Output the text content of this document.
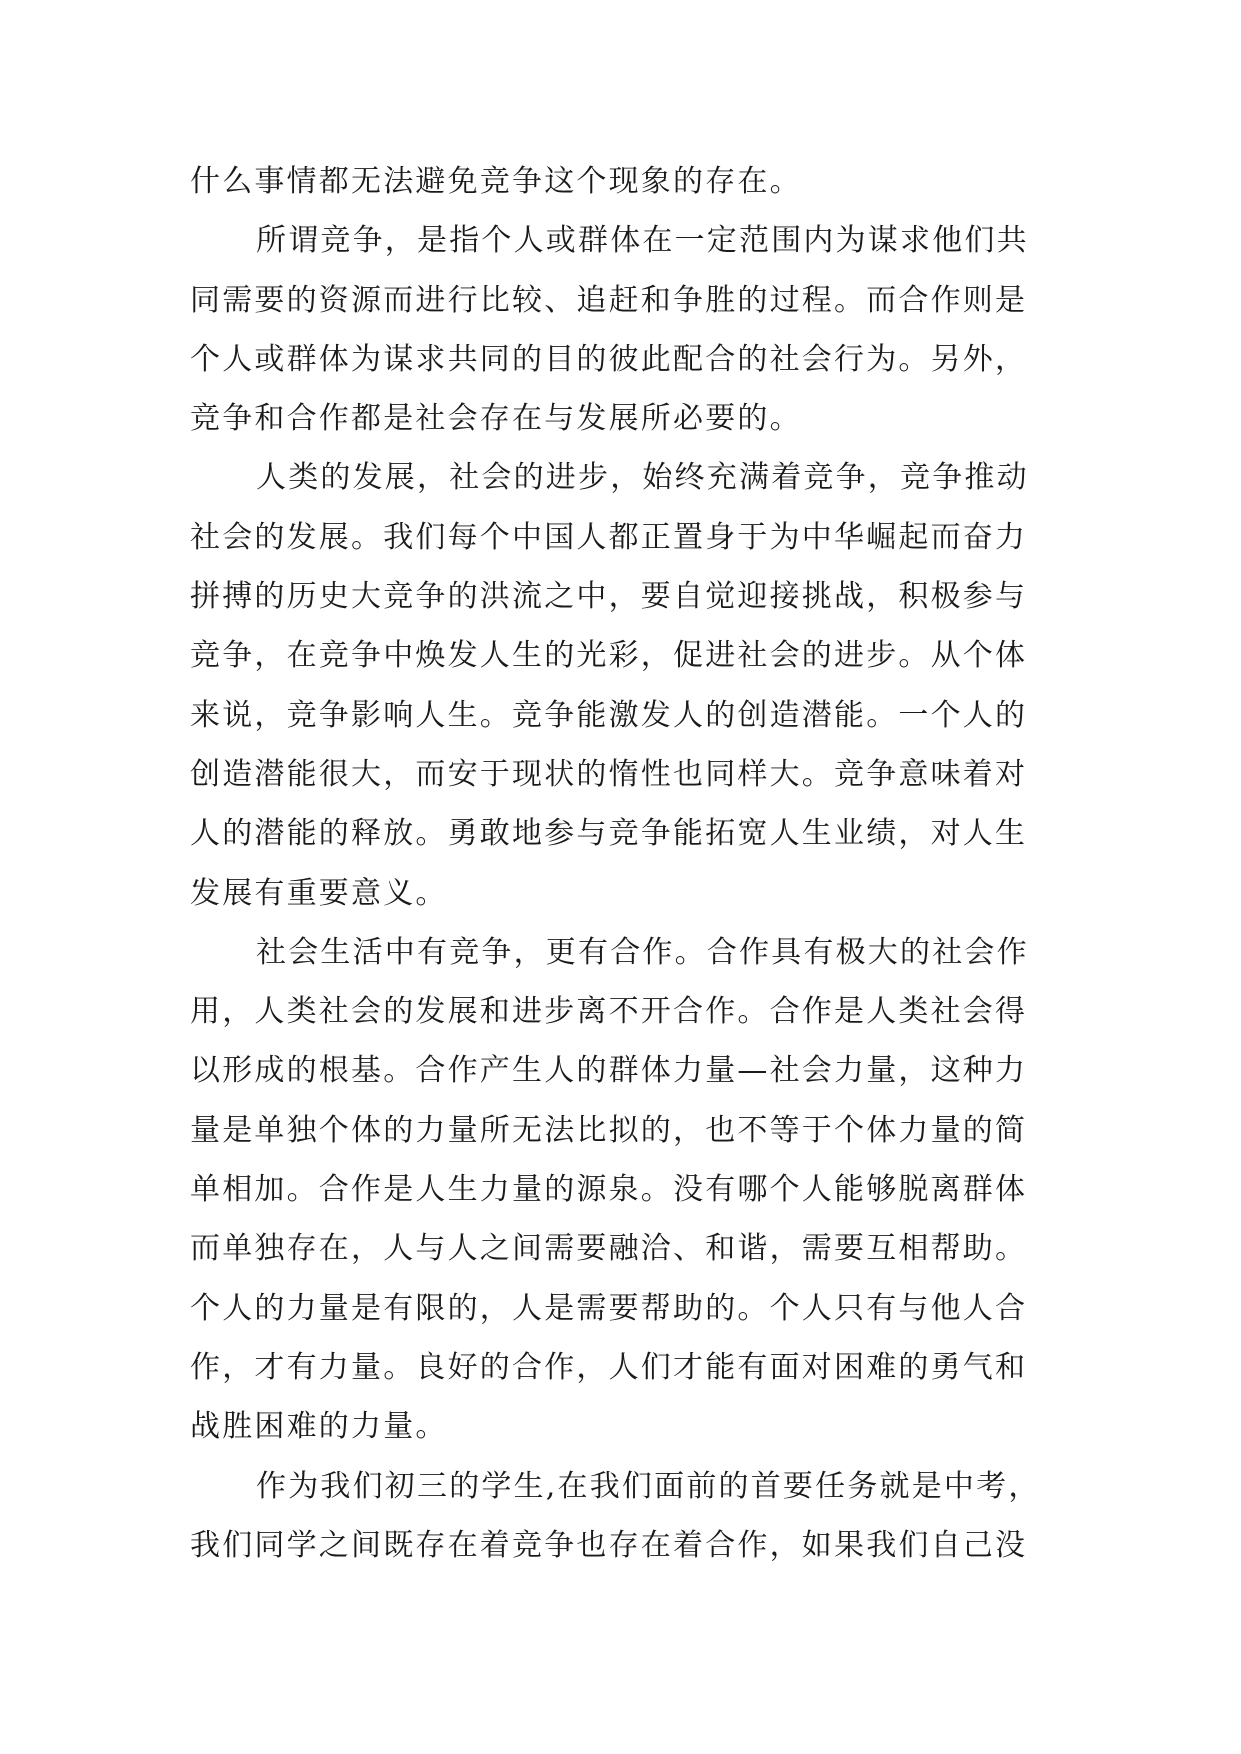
什么事情都无法避免竞争这个现象的存在。
所谓竞争，是指个人或群体在一定范围内为谋求他们共
同需要的资源而进行比较、追赶和争胜的过程。而合作则是
个人或群体为谋求共同的目的彼此配合的社会行为。另外，
竞争和合作都是社会存在与发展所必要的。
人类的发展，社会的进步，始终充满着竞争，竞争推动
社会的发展。我们每个中国人都正置身于为中华崛起而奋力
拼搏的历史大竞争的洪流之中，要自觉迎接挑战，积极参与
竞争，在竞争中焕发人生的光彩，促进社会的进步。从个体
来说，竞争影响人生。竞争能激发人的创造潜能。一个人的
创造潜能很大，而安于现状的惰性也同样大。竞争意味着对
人的潜能的释放。勇敢地参与竞争能拓宽人生业绩，对人生
发展有重要意义。
社会生活中有竞争，更有合作。合作具有极大的社会作
用，人类社会的发展和进步离不开合作。合作是人类社会得
以形成的根基。合作产生人的群体力量—社会力量，这种力
量是单独个体的力量所无法比拟的，也不等于个体力量的简
单相加。合作是人生力量的源泉。没有哪个人能够脱离群体
而单独存在，人与人之间需要融洽、和谐，需要互相帮助。
个人的力量是有限的，人是需要帮助的。个人只有与他人合
作，才有力量。良好的合作，人们才能有面对困难的勇气和
战胜困难的力量。
作为我们初三的学生,在我们面前的首要任务就是中考，
我们同学之间既存在着竞争也存在着合作，如果我们自己没
